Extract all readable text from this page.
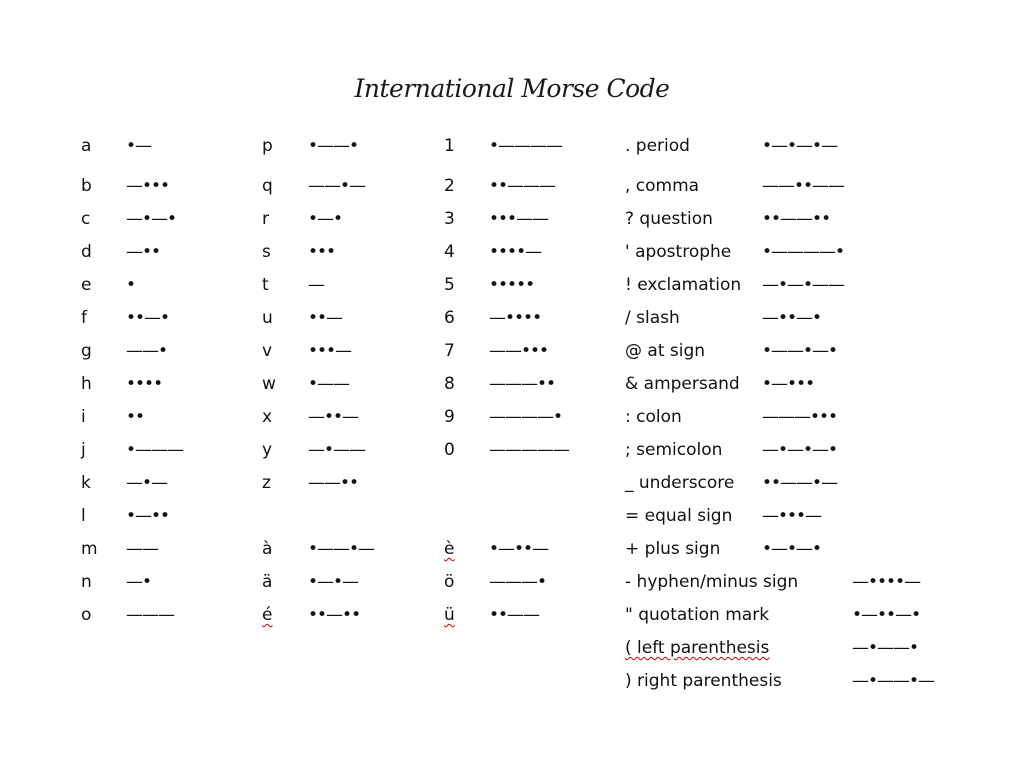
International Morse Code
a •—
b —•••
c —•—•
d —••
e •
f ••—•
g ——•
h ••••
i ••
j •———
k —•—
l •—••
m ——
n —•
o ———
p •——•
q ——•—
r •—•
s •••
t —
u ••—
v •••—
w •——
x —••—
y —•——
z ——••
1 •————
2 ••———
3 •••——
4 ••••—
5 •••••
6 —••••
7 ——•••
8 ———••
9 ————•
0 —————
à •——•—
ä •—•—
é ••—••
è •—••—
ö ———•
ü ••——
. period	•—•—•—
, comma	——••——
? question	••——••
' apostrophe •————•
! exclamation —•—•——
/ slash	—••—•
@ at sign	•——•—•
& ampersand •—•••
: colon	———•••
; semicolon —•—•—•
_ underscore ••——•—
= equal sign —•••—
+ plus sign •—•—•
- hyphen/minus sign	—••••—
" quotation mark	•—••—•
( left parenthesis	—•——•
) right parenthesis	—•——•—
